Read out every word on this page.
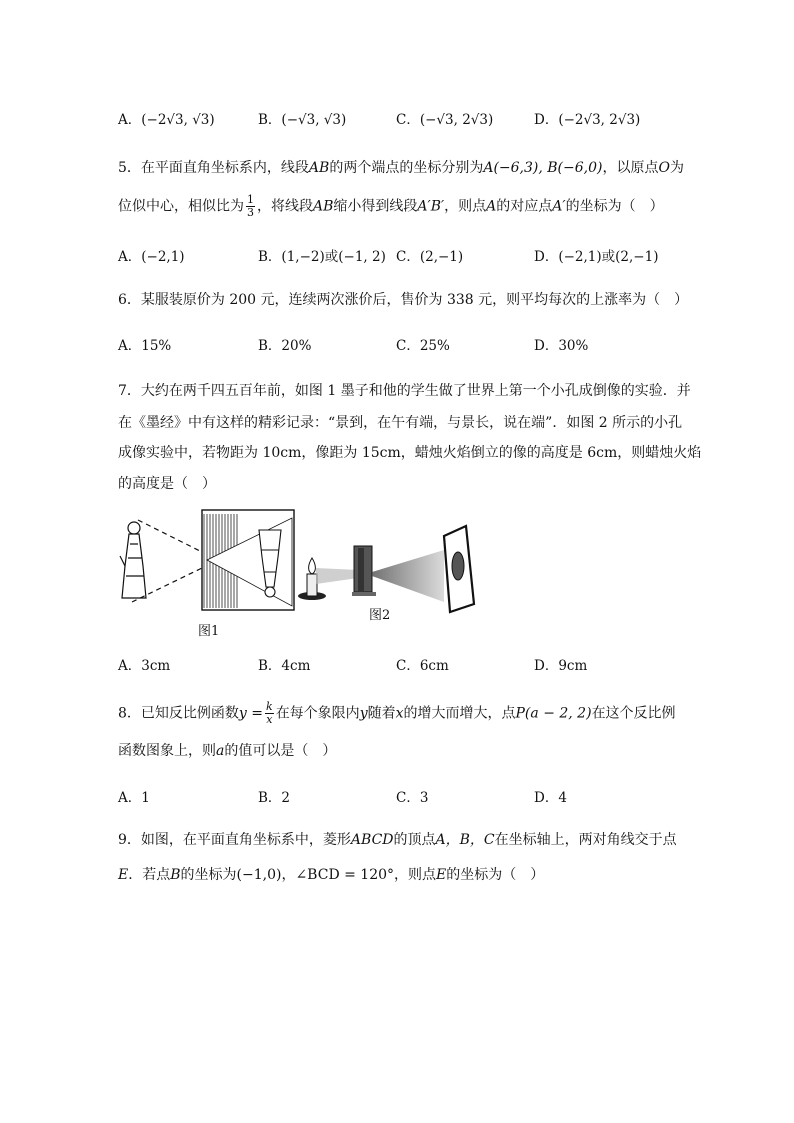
A．(−2√3, √3)	B．(−√3, √3)	C．(−√3, 2√3)	D．(−2√3, 2√3)
5．在平面直角坐标系内，线段AB的两个端点的坐标分别为A(−6,3), B(−6,0)，以原点O为
位似中心，相似比为 $\frac{1}{3}$ ，将线段AB缩小得到线段A′B′，则点A的对应点A′的坐标为（　）
A．(−2,1)	B．(1,−2)或(−1, 2) C．(2,−1)	D．(−2,1)或(2,−1)
6．某服装原价为 200 元，连续两次涨价后，售价为 338 元，则平均每次的上涨率为（　）
A．15%	B．20%	C．25%	D．30%
7．大约在两千四五百年前，如图 1 墨子和他的学生做了世界上第一个小孔成倒像的实验．并
在《墨经》中有这样的精彩记录：“景到，在午有端，与景长，说在端”．如图 2 所示的小孔
成像实验中，若物距为 10cm，像距为 15cm，蜡烛火焰倒立的像的高度是 6cm，则蜡烛火焰
的高度是（　）
图1
图2
A．3cm	B．4cm	C．6cm	D．9cm
8．已知反比例函数$y = \frac{k}{x}$ 在每个象限内y随着x的增大而增大，点P(a − 2, 2)在这个反比例
函数图象上，则a的值可以是（　）
A．1	B．2	C．3	D．4
9．如图，在平面直角坐标系中，菱形ABCD的顶点A，B，C在坐标轴上，两对角线交于点
E．若点B的坐标为(−1,0)，∠BCD = 120°，则点E的坐标为（　）
